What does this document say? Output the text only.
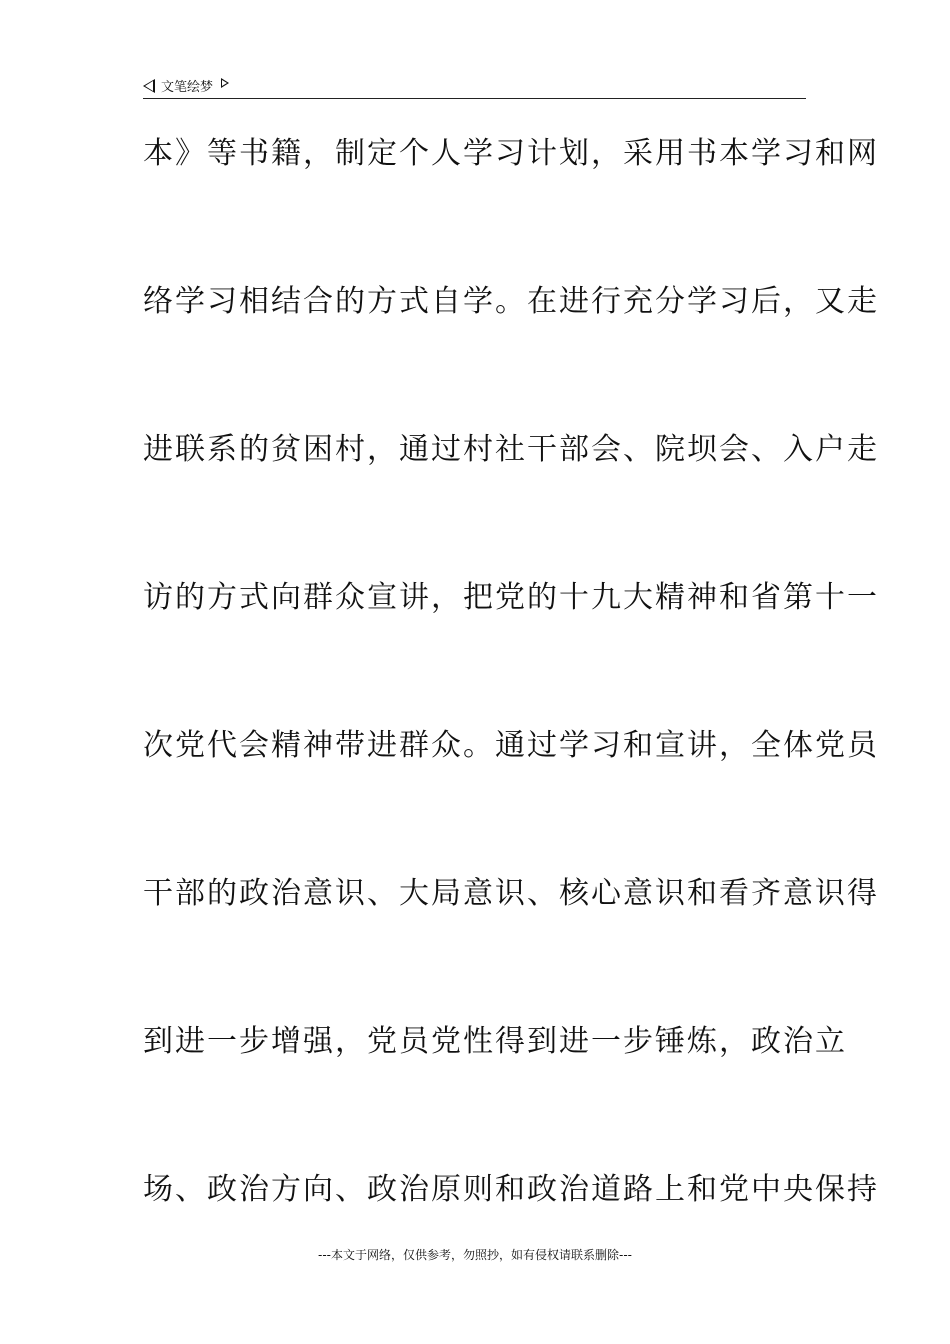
文笔绘梦
本》等书籍，制定个人学习计划，采用书本学习和网
络学习相结合的方式自学。在进行充分学习后，又走
进联系的贫困村，通过村社干部会、院坝会、入户走
访的方式向群众宣讲，把党的十九大精神和省第十一
次党代会精神带进群众。通过学习和宣讲，全体党员
干部的政治意识、大局意识、核心意识和看齐意识得
到进一步增强，党员党性得到进一步锤炼，政治立
场、政治方向、政治原则和政治道路上和党中央保持
---本文于网络，仅供参考，勿照抄，如有侵权请联系删除---
